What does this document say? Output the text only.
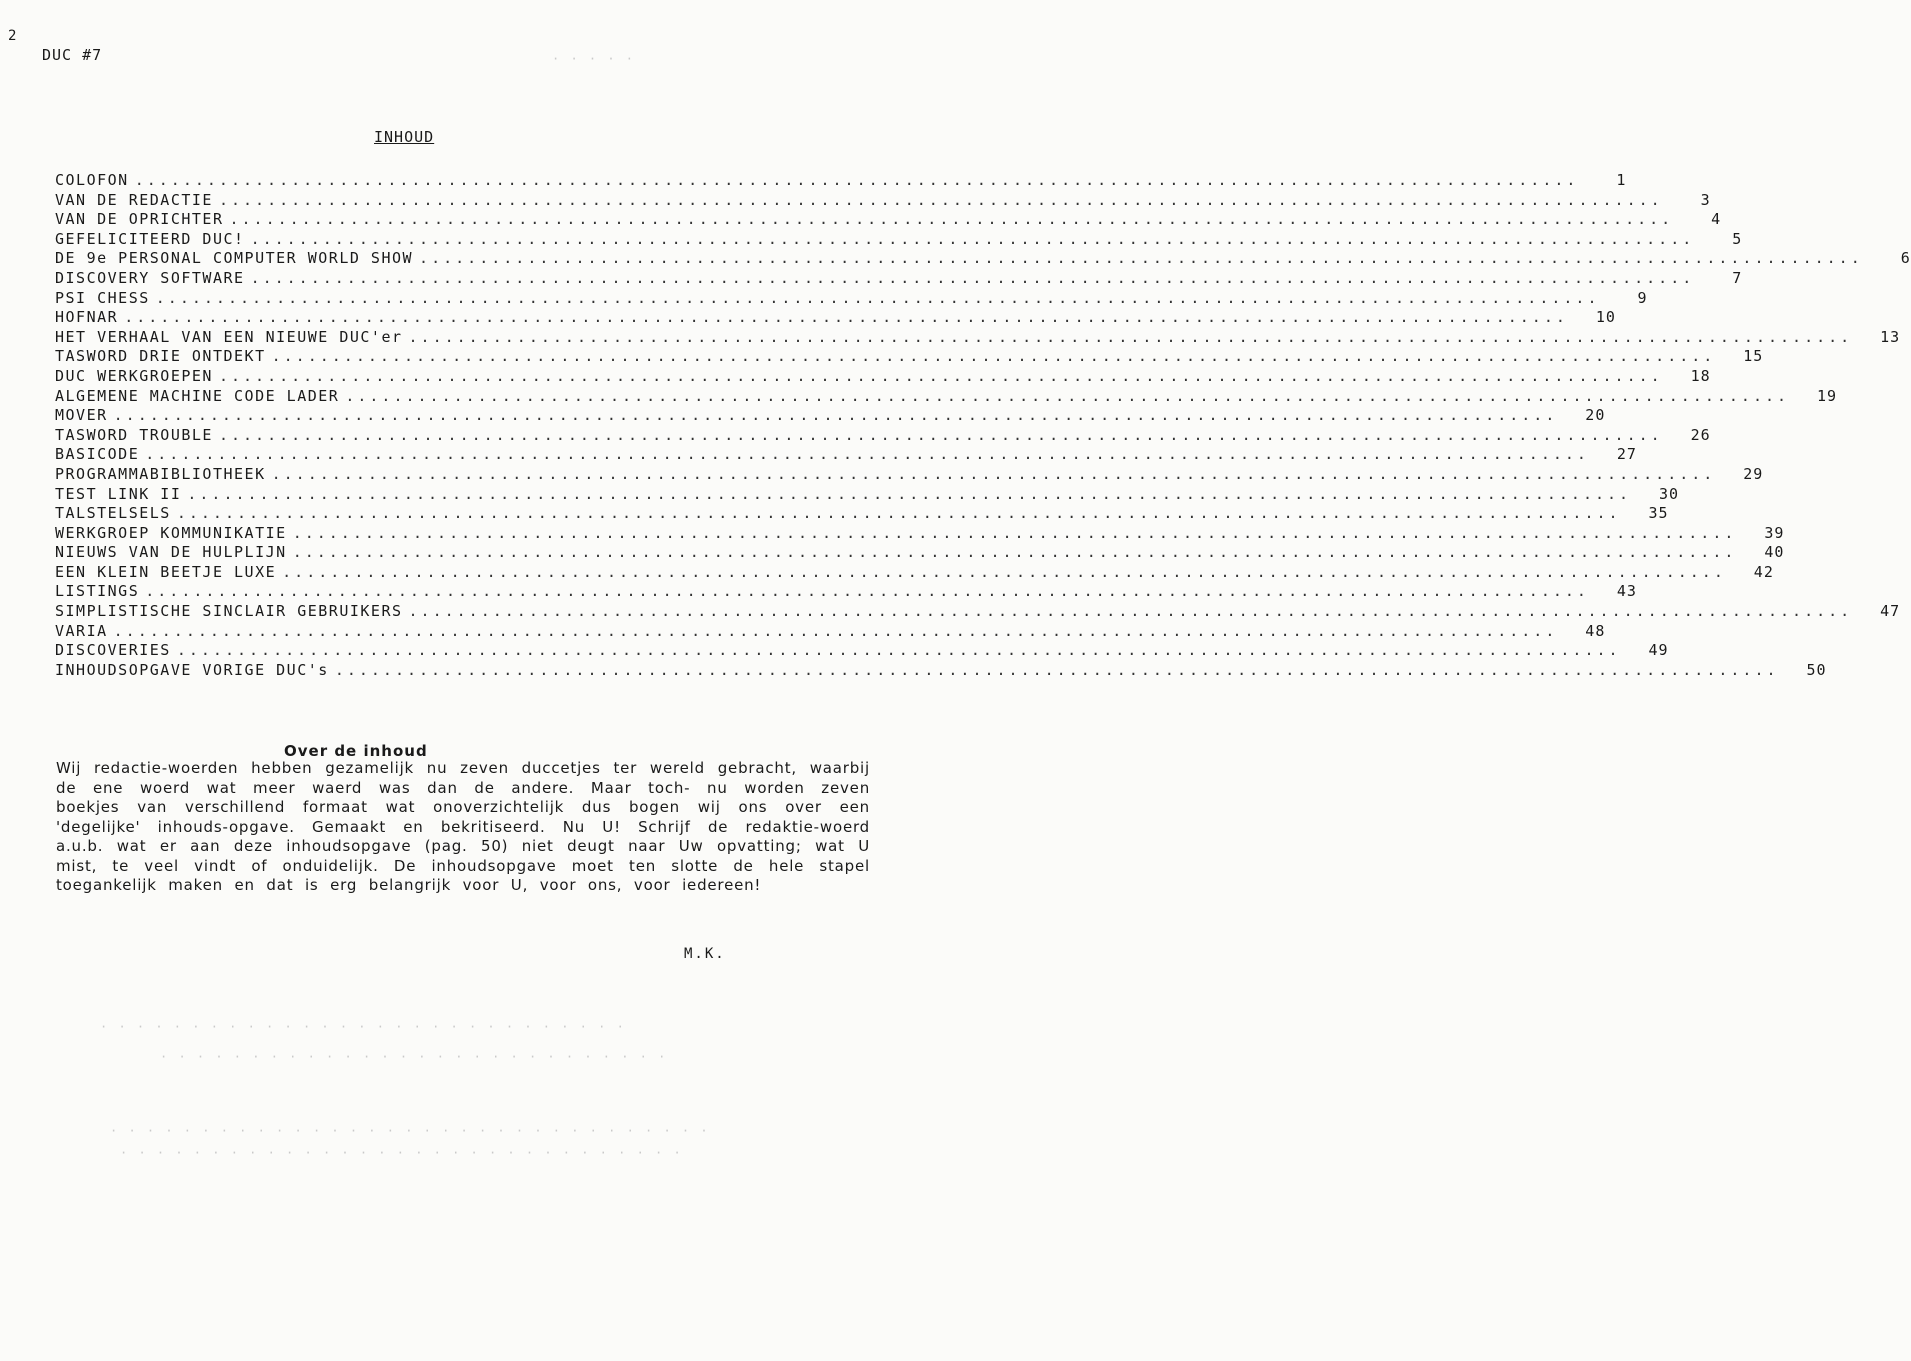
2
DUC #7
INHOUD
COLOFON ........................................................................................................................	1
VAN DE REDACTIE ........................................................................................................................	3
VAN DE OPRICHTER ........................................................................................................................	4
GEFELICITEERD DUC! ........................................................................................................................	5
DE 9e PERSONAL COMPUTER WORLD SHOW ........................................................................................................................	6
DISCOVERY SOFTWARE ........................................................................................................................	7
PSI CHESS ........................................................................................................................	9
HOFNAR ........................................................................................................................	10
HET VERHAAL VAN EEN NIEUWE DUC'er ........................................................................................................................	13
TASWORD DRIE ONTDEKT ........................................................................................................................	15
DUC WERKGROEPEN ........................................................................................................................	18
ALGEMENE MACHINE CODE LADER ........................................................................................................................	19
MOVER ........................................................................................................................	20
TASWORD TROUBLE ........................................................................................................................	26
BASICODE ........................................................................................................................	27
PROGRAMMABIBLIOTHEEK ........................................................................................................................	29
TEST LINK II ........................................................................................................................	30
TALSTELSELS ........................................................................................................................	35
WERKGROEP KOMMUNIKATIE ........................................................................................................................	39
NIEUWS VAN DE HULPLIJN ........................................................................................................................	40
EEN KLEIN BEETJE LUXE ........................................................................................................................	42
LISTINGS ........................................................................................................................	43
SIMPLISTISCHE SINCLAIR GEBRUIKERS ........................................................................................................................	47
VARIA ........................................................................................................................	48
DISCOVERIES ........................................................................................................................	49
INHOUDSOPGAVE VORIGE DUC's ........................................................................................................................	50
Over de inhoud
Wij redactie-woerden hebben gezamelijk nu zeven duccetjes ter wereld gebracht, waarbij de ene woerd wat meer waerd was dan de andere. Maar toch- nu worden zeven boekjes van verschillend formaat wat onoverzichtelijk dus bogen wij ons over een 'degelijke' inhouds-opgave. Gemaakt en bekritiseerd. Nu U! Schrijf de redaktie-woerd a.u.b. wat er aan deze inhoudsopgave (pag. 50) niet deugt naar Uw opvatting; wat U mist, te veel vindt of onduidelijk. De inhoudsopgave moet ten slotte de hele stapel toegankelijk maken en dat is erg belangrijk voor U, voor ons, voor iedereen!
M.K.
· · · · ·
· · · · · · · · · · · · · · · · · · · · · · · · · · · · ·
· · · · · · · · · · · · · · · · · · · · · · · · · · · ·
· · · · · · · · · · · · · · · · · · · · · · · · · · · · · · · · ·
· · · · · · · · · · · · · · · · · · · · · · · · · · · · · · ·
